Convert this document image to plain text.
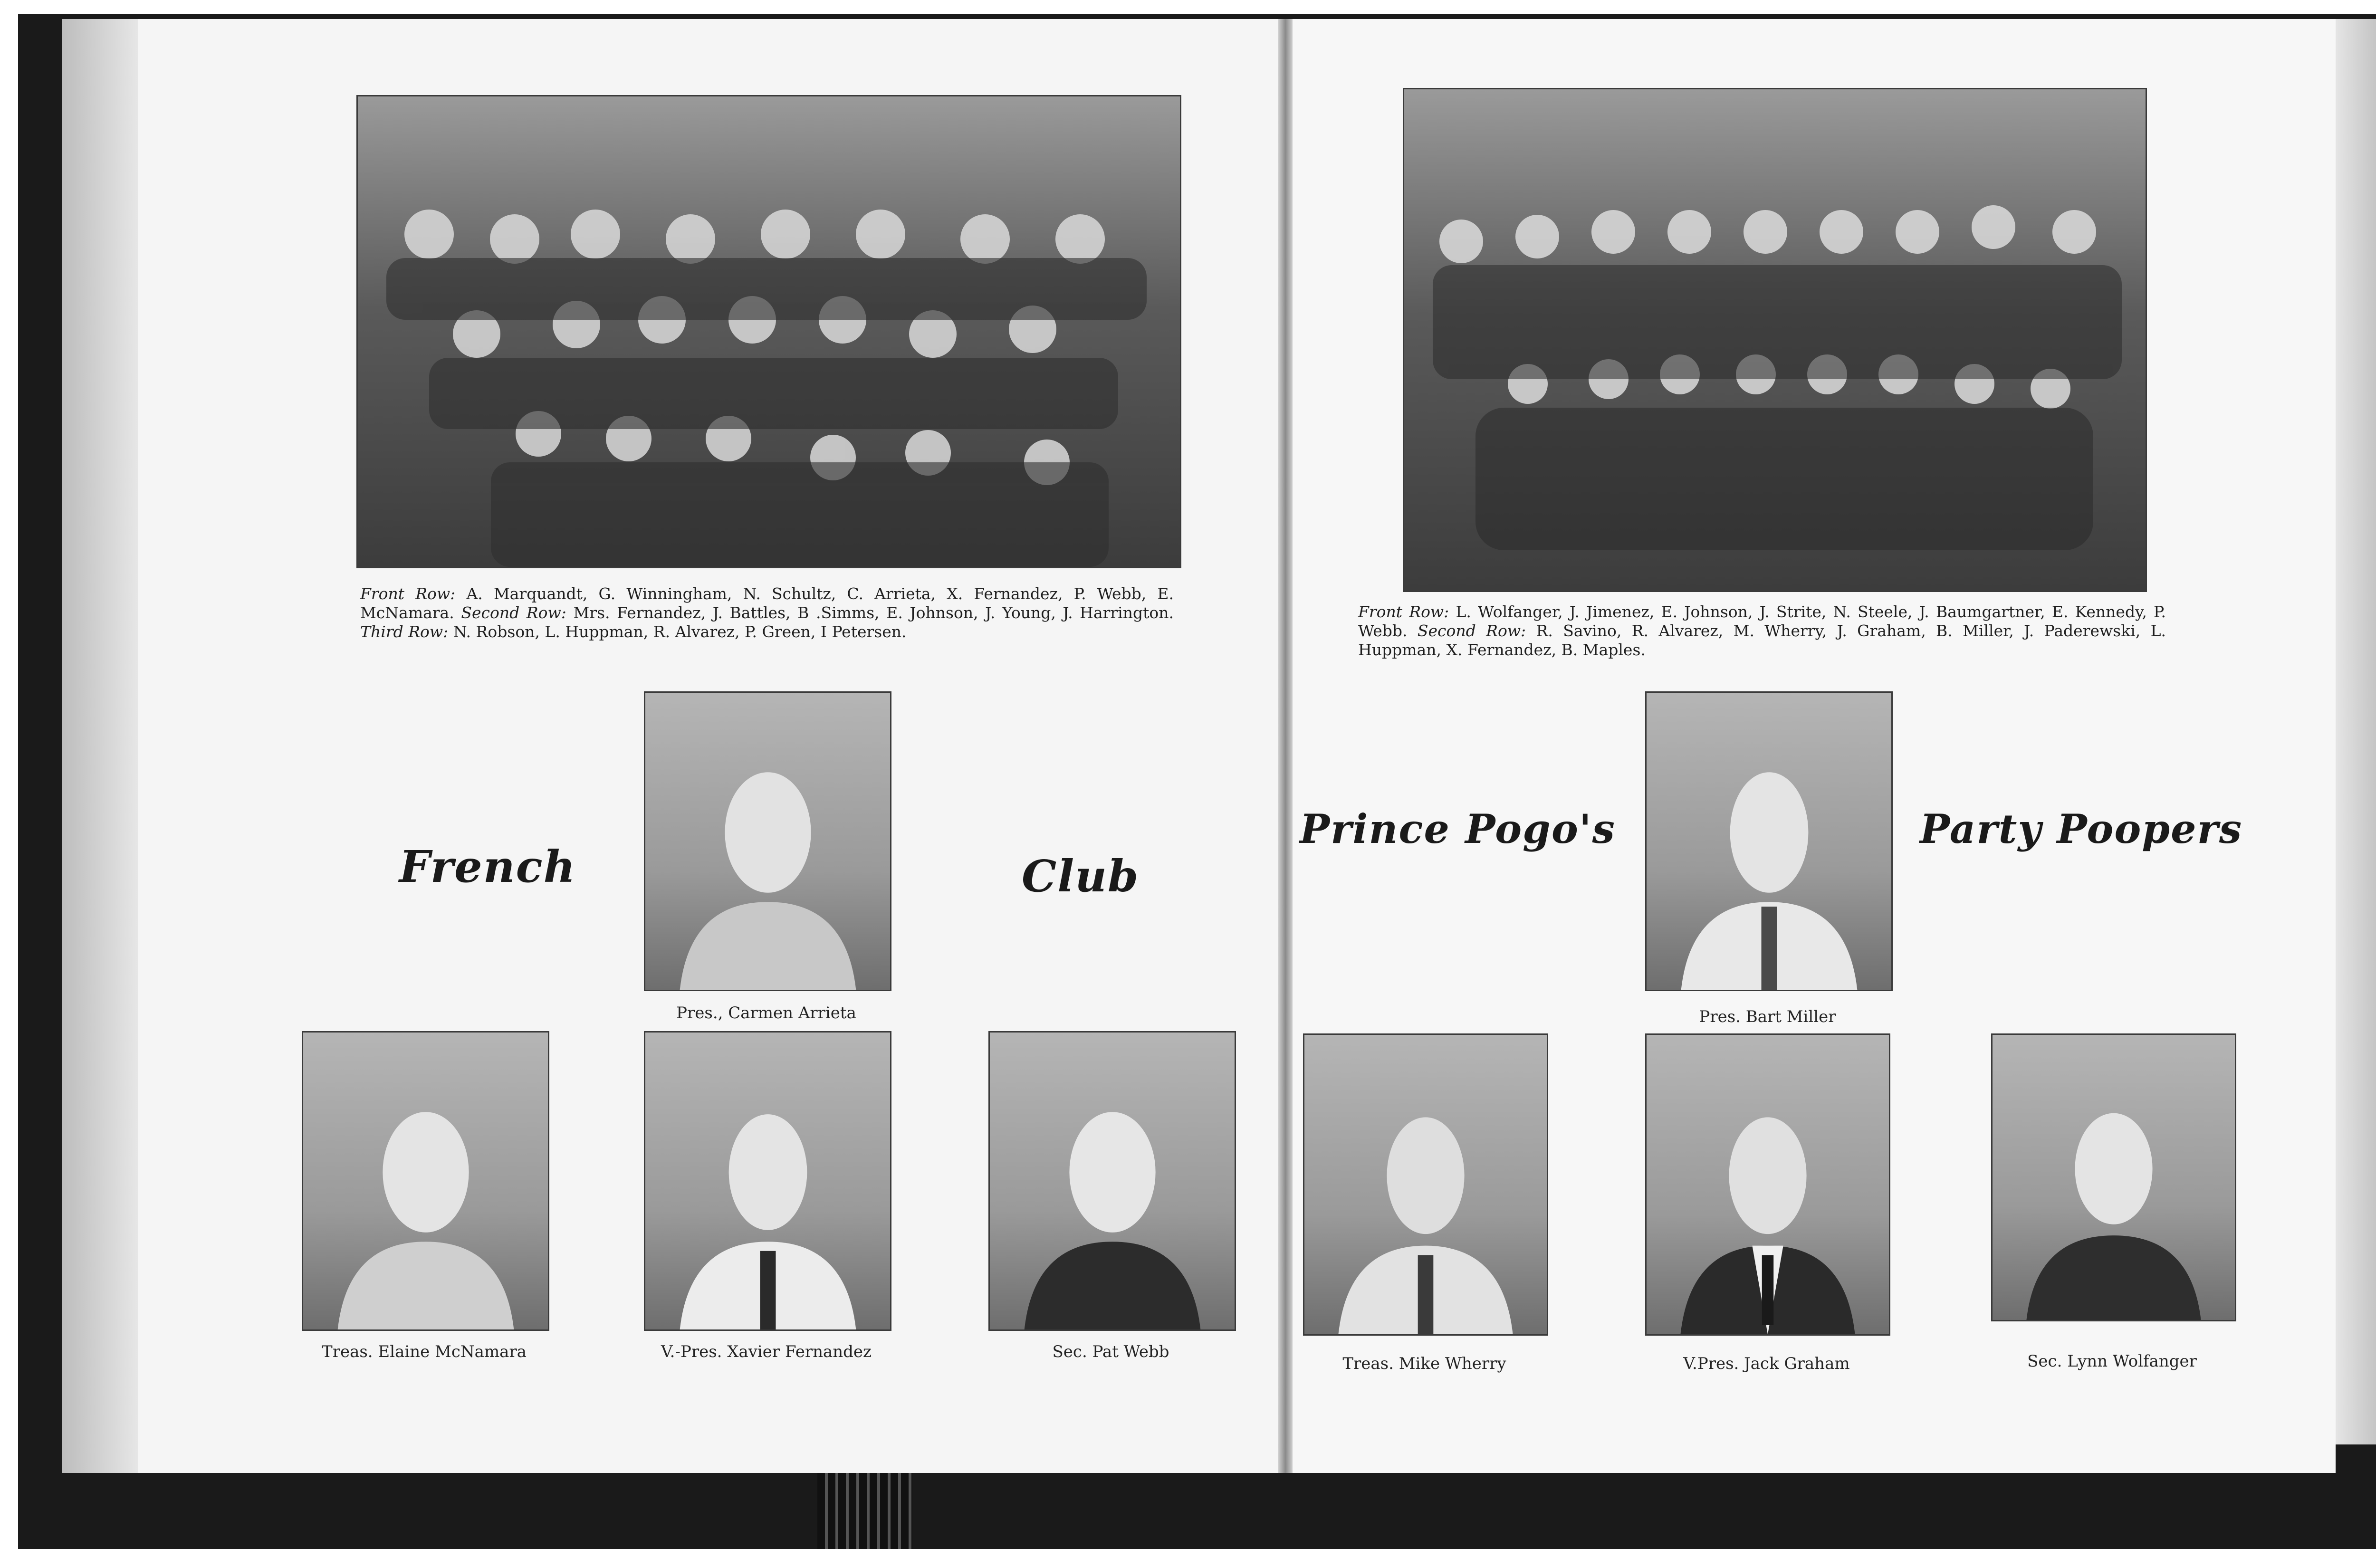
Front Row: A. Marquandt, G. Winningham, N. Schultz, C. Arrieta, X. Fernandez, P. Webb, E. McNamara. Second Row: Mrs. Fernandez, J. Battles, B .Simms, E. Johnson, J. Young, J. Harrington. Third Row: N. Robson, L. Huppman, R. Alvarez, P. Green, I Petersen.
French	Club
Pres., Carmen Arrieta
Treas. Elaine McNamara	V.-Pres. Xavier Fernandez	Sec. Pat Webb
Front Row: L. Wolfanger, J. Jimenez, E. Johnson, J. Strite, N. Steele, J. Baumgartner, E. Kennedy, P. Webb. Second Row: R. Savino, R. Alvarez, M. Wherry, J. Graham, B. Miller, J. Paderewski, L. Huppman, X. Fernandez, B. Maples.
Prince Pogo's	Party Poopers
Pres. Bart Miller
Treas. Mike Wherry	V.Pres. Jack Graham	Sec. Lynn Wolfanger
